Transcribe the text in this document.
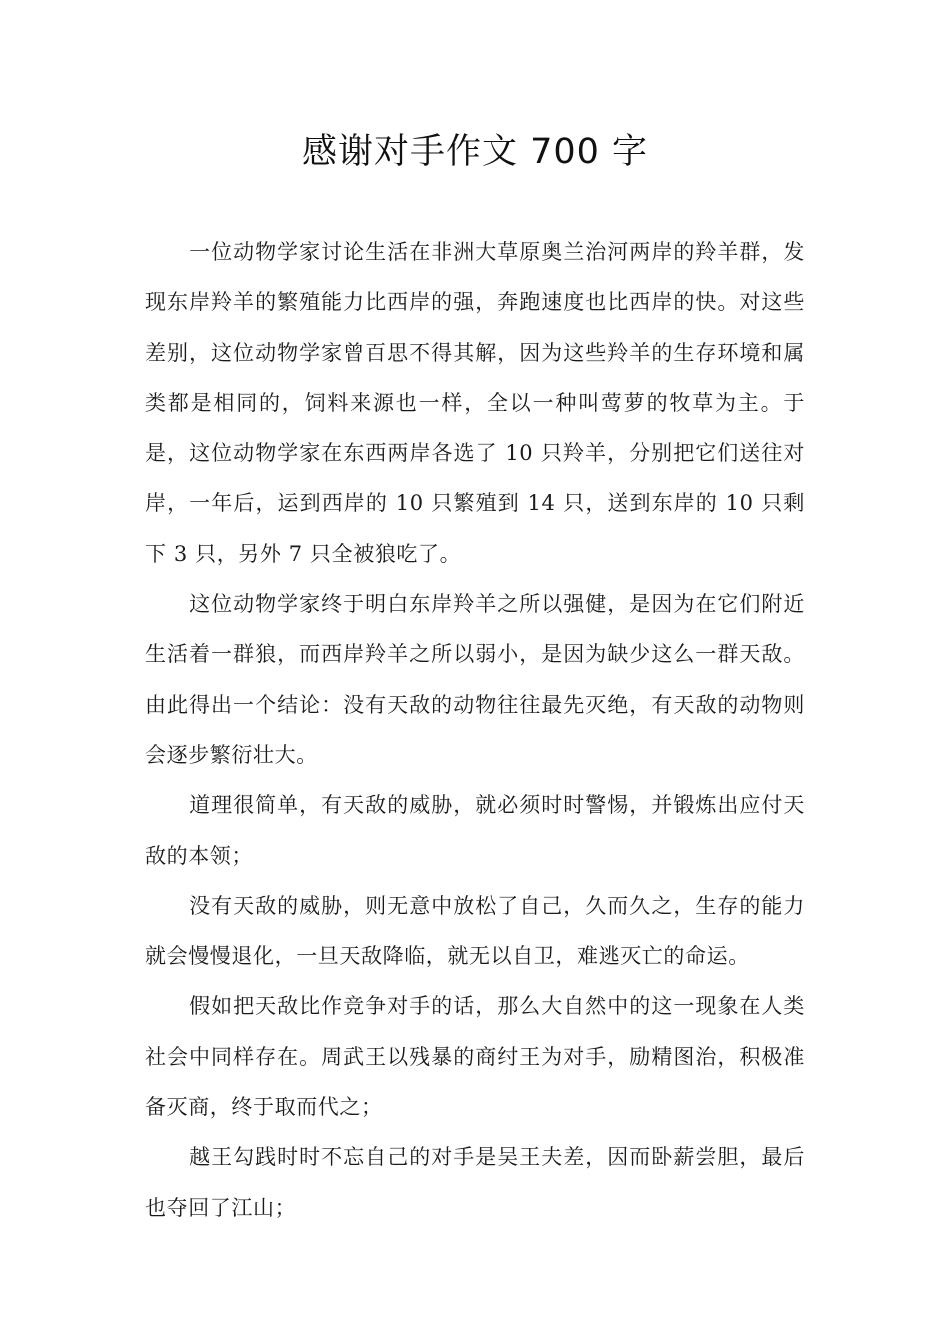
感谢对手作文 700 字

一位动物学家讨论生活在非洲大草原奥兰治河两岸的羚羊群，发现东岸羚羊的繁殖能力比西岸的强，奔跑速度也比西岸的快。对这些差别，这位动物学家曾百思不得其解，因为这些羚羊的生存环境和属类都是相同的，饲料来源也一样，全以一种叫莺萝的牧草为主。于是，这位动物学家在东西两岸各选了 10 只羚羊，分别把它们送往对岸，一年后，运到西岸的 10 只繁殖到 14 只，送到东岸的 10 只剩下 3 只，另外 7 只全被狼吃了。

这位动物学家终于明白东岸羚羊之所以强健，是因为在它们附近生活着一群狼，而西岸羚羊之所以弱小，是因为缺少这么一群天敌。由此得出一个结论：没有天敌的动物往往最先灭绝，有天敌的动物则会逐步繁衍壮大。

道理很简单，有天敌的威胁，就必须时时警惕，并锻炼出应付天敌的本领；

没有天敌的威胁，则无意中放松了自己，久而久之，生存的能力就会慢慢退化，一旦天敌降临，就无以自卫，难逃灭亡的命运。

假如把天敌比作竞争对手的话，那么大自然中的这一现象在人类社会中同样存在。周武王以残暴的商纣王为对手，励精图治，积极准备灭商，终于取而代之；

越王勾践时时不忘自己的对手是吴王夫差，因而卧薪尝胆，最后也夺回了江山；
